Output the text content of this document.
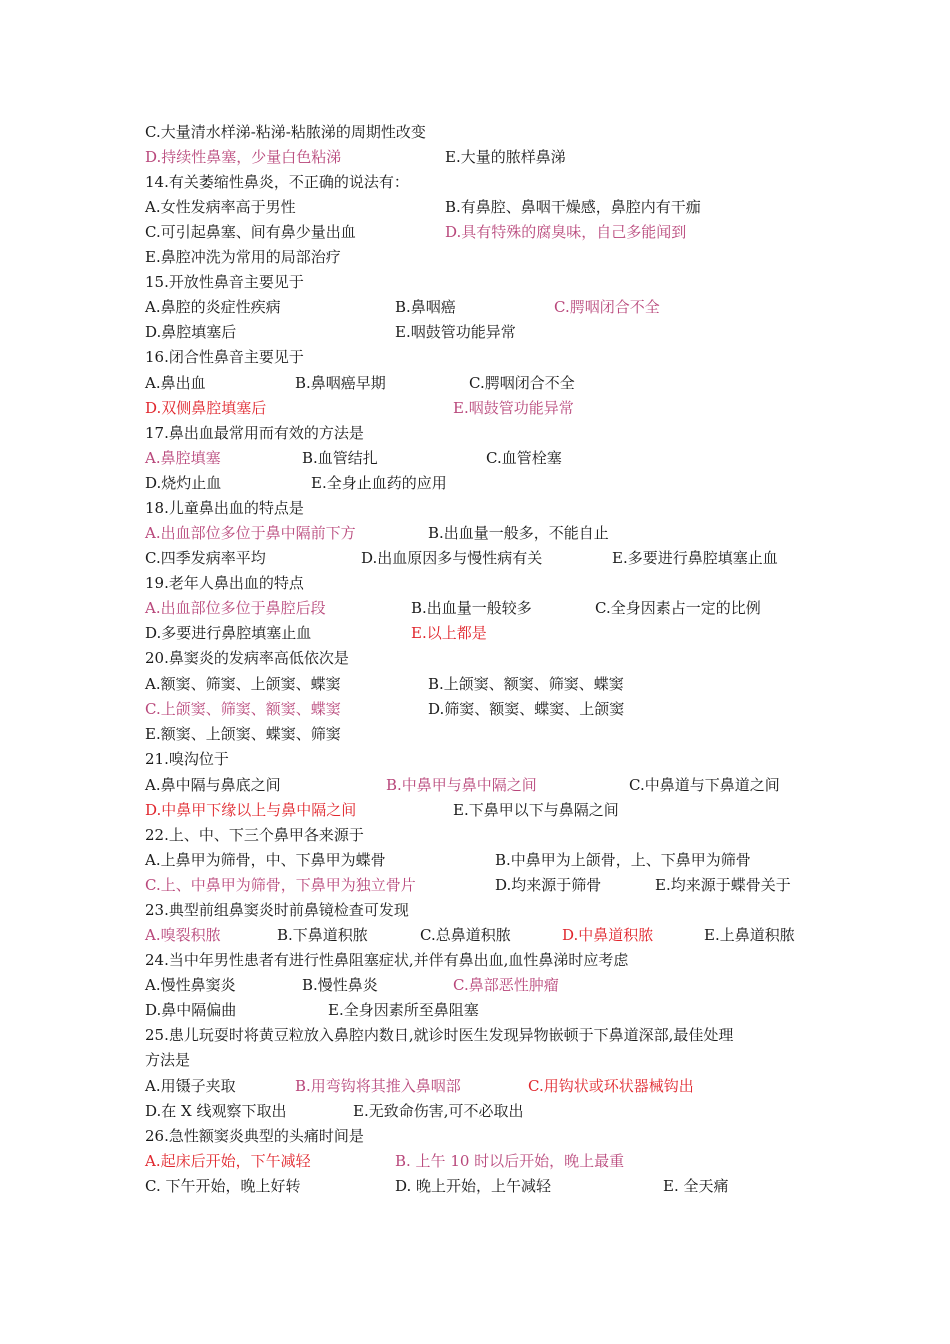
C.大量清水样涕-粘涕-粘脓涕的周期性改变
D.持续性鼻塞，少量白色粘涕	E.大量的脓样鼻涕
14.有关萎缩性鼻炎，不正确的说法有：
A.女性发病率高于男性	B.有鼻腔、鼻咽干燥感，鼻腔内有干痂
C.可引起鼻塞、间有鼻少量出血	D.具有特殊的腐臭味，自己多能闻到
E.鼻腔冲洗为常用的局部治疗
15.开放性鼻音主要见于
A.鼻腔的炎症性疾病	B.鼻咽癌	C.腭咽闭合不全
D.鼻腔填塞后	E.咽鼓管功能异常
16.闭合性鼻音主要见于
A.鼻出血	B.鼻咽癌早期	C.腭咽闭合不全
D.双侧鼻腔填塞后	E.咽鼓管功能异常
17.鼻出血最常用而有效的方法是
A.鼻腔填塞	B.血管结扎	C.血管栓塞
D.烧灼止血	E.全身止血药的应用
18.儿童鼻出血的特点是
A.出血部位多位于鼻中隔前下方	B.出血量一般多，不能自止
C.四季发病率平均	D.出血原因多与慢性病有关	E.多要进行鼻腔填塞止血
19.老年人鼻出血的特点
A.出血部位多位于鼻腔后段	B.出血量一般较多	C.全身因素占一定的比例
D.多要进行鼻腔填塞止血	E.以上都是
20.鼻窦炎的发病率高低依次是
A.额窦、筛窦、上颌窦、蝶窦	B.上颌窦、额窦、筛窦、蝶窦
C.上颌窦、筛窦、额窦、蝶窦	D.筛窦、额窦、蝶窦、上颌窦
E.额窦、上颌窦、蝶窦、筛窦
21.嗅沟位于
A.鼻中隔与鼻底之间	B.中鼻甲与鼻中隔之间	C.中鼻道与下鼻道之间
D.中鼻甲下缘以上与鼻中隔之间	E.下鼻甲以下与鼻隔之间
22.上、中、下三个鼻甲各来源于
A.上鼻甲为筛骨，中、下鼻甲为蝶骨	B.中鼻甲为上颌骨，上、下鼻甲为筛骨
C.上、中鼻甲为筛骨，下鼻甲为独立骨片	D.均来源于筛骨	E.均来源于蝶骨关于
23.典型前组鼻窦炎时前鼻镜检查可发现
A.嗅裂积脓	B.下鼻道积脓	C.总鼻道积脓	D.中鼻道积脓	E.上鼻道积脓
24.当中年男性患者有进行性鼻阻塞症状,并伴有鼻出血,血性鼻涕时应考虑
A.慢性鼻窦炎	B.慢性鼻炎	C.鼻部恶性肿瘤
D.鼻中隔偏曲	E.全身因素所至鼻阻塞
25.患儿玩耍时将黄豆粒放入鼻腔内数日,就诊时医生发现异物嵌顿于下鼻道深部,最佳处理
方法是
A.用镊子夹取	B.用弯钩将其推入鼻咽部	C.用钩状或环状器械钩出
D.在 X 线观察下取出	E.无致命伤害,可不必取出
26.急性额窦炎典型的头痛时间是
A.起床后开始，下午减轻	B. 上午 10 时以后开始，晚上最重
C. 下午开始，晚上好转	D. 晚上开始，上午减轻	E. 全天痛
